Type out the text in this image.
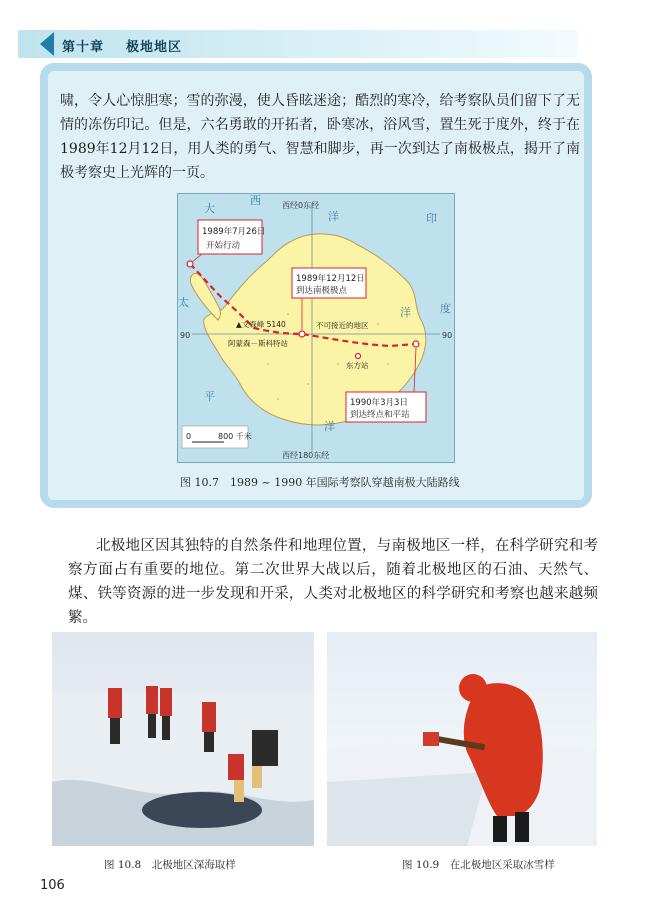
第十章 极地地区
啸，令人心惊胆寒；雪的弥漫，使人昏眩迷途；酷烈的寒冷，给考察队员们留下了无情的冻伤印记。但是，六名勇敢的开拓者，卧寒冰，浴风雪，置生死于度外，终于在1989年12月12日，用人类的勇气、智慧和脚步，再一次到达了南极极点，揭开了南极考察史上光辉的一页。
西经0东经
西经180东经
90	90
大
西
洋	印
太	度
洋
平
洋
1989年7月26日
开始行动
1989年12月12日
到达南极极点
1990年3月3日
到达终点和平站
▲文森峰 5140	不可接近的地区
阿蒙森－斯科特站
东方站
0	800 千米
图 10.7　1989 ~ 1990 年国际考察队穿越南极大陆路线
北极地区因其独特的自然条件和地理位置，与南极地区一样，在科学研究和考察方面占有重要的地位。第二次世界大战以后，随着北极地区的石油、天然气、煤、铁等资源的进一步发现和开采，人类对北极地区的科学研究和考察也越来越频繁。
图 10.8　北极地区深海取样	图 10.9　在北极地区采取冰雪样
106
